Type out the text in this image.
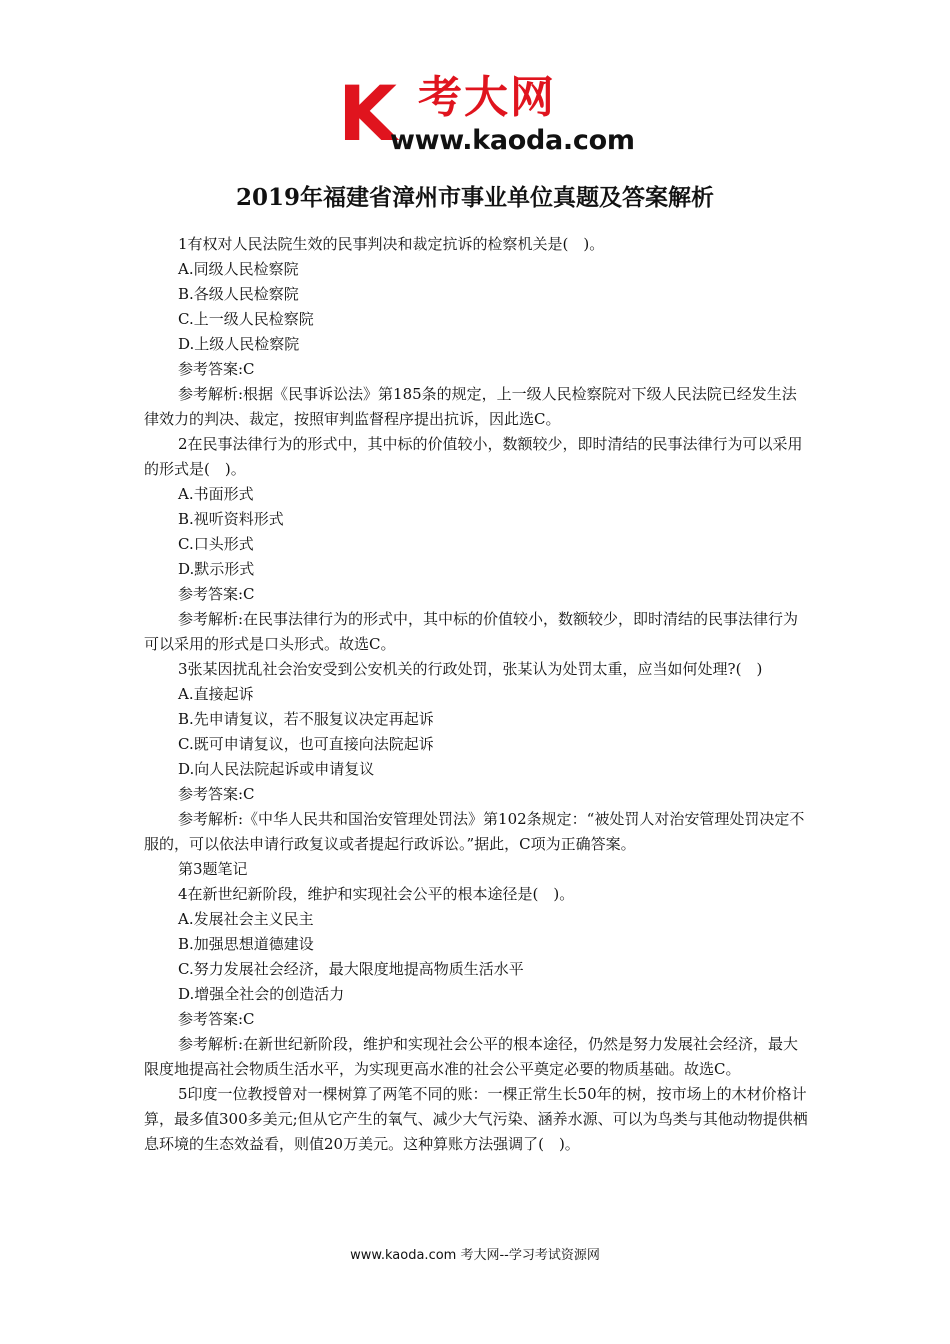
K 考大网
www.kaoda.com
2019年福建省漳州市事业单位真题及答案解析

1有权对人民法院生效的民事判决和裁定抗诉的检察机关是(　)。

A.同级人民检察院

B.各级人民检察院

C.上一级人民检察院

D.上级人民检察院

参考答案:C

参考解析:根据《民事诉讼法》第185条的规定，上一级人民检察院对下级人民法院已经发生法律效力的判决、裁定，按照审判监督程序提出抗诉，因此选C。

2在民事法律行为的形式中，其中标的价值较小，数额较少，即时清结的民事法律行为可以采用的形式是(　)。

A.书面形式

B.视听资料形式

C.口头形式

D.默示形式

参考答案:C

参考解析:在民事法律行为的形式中，其中标的价值较小，数额较少，即时清结的民事法律行为可以采用的形式是口头形式。故选C。

3张某因扰乱社会治安受到公安机关的行政处罚，张某认为处罚太重，应当如何处理?(　)

A.直接起诉

B.先申请复议，若不服复议决定再起诉

C.既可申请复议，也可直接向法院起诉

D.向人民法院起诉或申请复议

参考答案:C

参考解析:《中华人民共和国治安管理处罚法》第102条规定：“被处罚人对治安管理处罚决定不服的，可以依法申请行政复议或者提起行政诉讼。”据此，C项为正确答案。

第3题笔记

4在新世纪新阶段，维护和实现社会公平的根本途径是(　)。

A.发展社会主义民主

B.加强思想道德建设

C.努力发展社会经济，最大限度地提高物质生活水平

D.增强全社会的创造活力

参考答案:C

参考解析:在新世纪新阶段，维护和实现社会公平的根本途径，仍然是努力发展社会经济，最大限度地提高社会物质生活水平，为实现更高水准的社会公平奠定必要的物质基础。故选C。

5印度一位教授曾对一棵树算了两笔不同的账：一棵正常生长50年的树，按市场上的木材价格计算，最多值300多美元;但从它产生的氧气、减少大气污染、涵养水源、可以为鸟类与其他动物提供栖息环境的生态效益看，则值20万美元。这种算账方法强调了(　)。

www.kaoda.com 考大网--学习考试资源网
